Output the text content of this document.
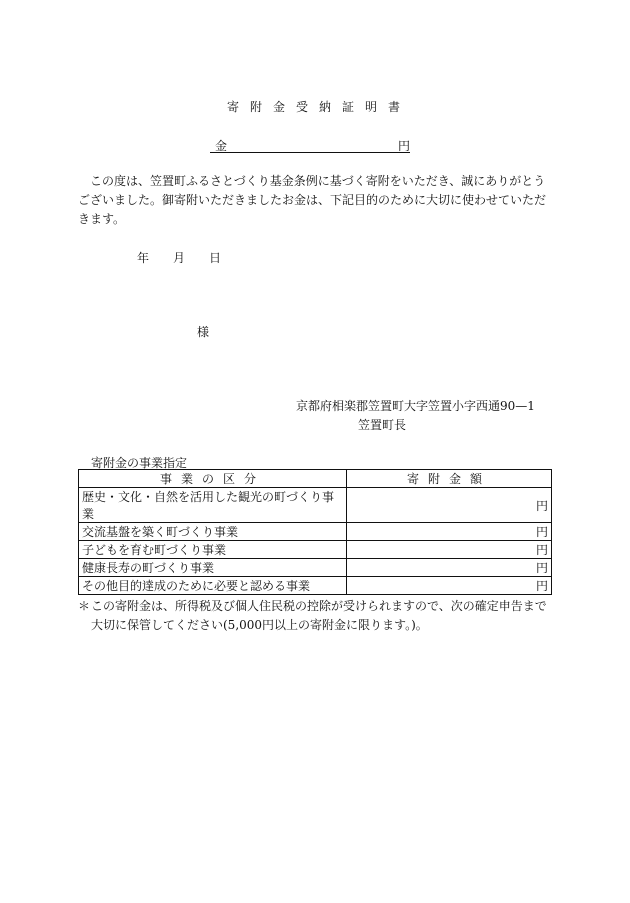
寄附金受納証明書
金	円
この度は、笠置町ふるさとづくり基金条例に基づく寄附をいただき、誠にありがとうございました。御寄附いただきましたお金は、下記目的のために大切に使わせていただきます。
年 月 日
様
京都府相楽郡笠置町大字笠置小字西通90—1
笠置町長
寄附金の事業指定
事業の区分	寄附金額
歴史・文化・自然を活用した観光の町づくり事業	円
交流基盤を築く町づくり事業	円
子どもを育む町づくり事業	円
健康長寿の町づくり事業	円
その他目的達成のために必要と認める事業	円
＊ この寄附金は、所得税及び個人住民税の控除が受けられますので、次の確定申告まで大切に保管してください(5,000円以上の寄附金に限ります。)。
